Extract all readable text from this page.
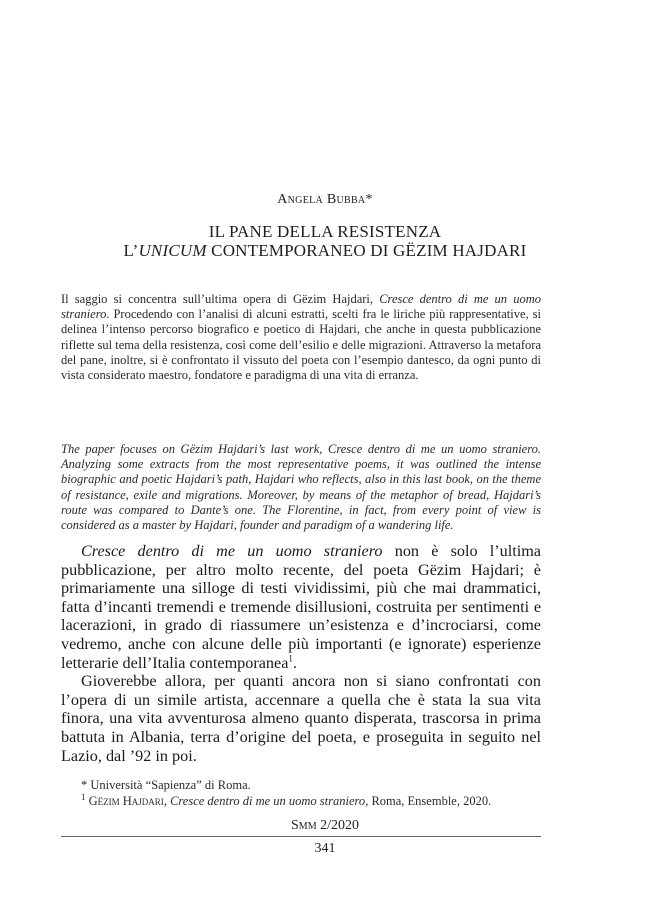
Angela Bubba*
IL PANE DELLA RESISTENZA
L’UNICUM CONTEMPORANEO DI GËZIM HAJDARI
Il saggio si concentra sull’ultima opera di Gëzim Hajdari, Cresce dentro di me un uomo straniero. Procedendo con l’analisi di alcuni estratti, scelti fra le liriche più rappresentative, si delinea l’intenso percorso biografico e poetico di Hajdari, che anche in questa pubblicazione riflette sul tema della resistenza, così come dell’esilio e delle migrazioni. Attraverso la metafora del pane, inoltre, si è confrontato il vissuto del poeta con l’esempio dantesco, da ogni punto di vista considerato maestro, fondatore e paradigma di una vita di erranza.
The paper focuses on Gëzim Hajdari’s last work, Cresce dentro di me un uomo straniero. Analyzing some extracts from the most representative poems, it was outlined the intense biographic and poetic Hajdari’s path, Hajdari who reflects, also in this last book, on the theme of resistance, exile and migrations. Moreover, by means of the metaphor of bread, Hajdari’s route was compared to Dante’s one. The Florentine, in fact, from every point of view is considered as a master by Hajdari, founder and paradigm of a wandering life.

Cresce dentro di me un uomo straniero non è solo l’ultima pubblicazione, per altro molto recente, del poeta Gëzim Hajdari; è primariamente una silloge di testi vividissimi, più che mai drammatici, fatta d’incanti tremendi e tremende disillusioni, costruita per sentimenti e lacerazioni, in grado di riassumere un’esistenza e d’incrociarsi, come vedremo, anche con alcune delle più importanti (e ignorate) esperienze letterarie dell’Italia contemporanea$^1$.

Gioverebbe allora, per quanti ancora non si siano confrontati con l’opera di un simile artista, accennare a quella che è stata la sua vita finora, una vita avventurosa almeno quanto disperata, trascorsa in prima battuta in Albania, terra d’origine del poeta, e proseguita in seguito nel Lazio, dal ’92 in poi.

* Università “Sapienza” di Roma.
$^1$ Gëzim Hajdari, Cresce dentro di me un uomo straniero, Roma, Ensemble, 2020.
Smm 2/2020
341
